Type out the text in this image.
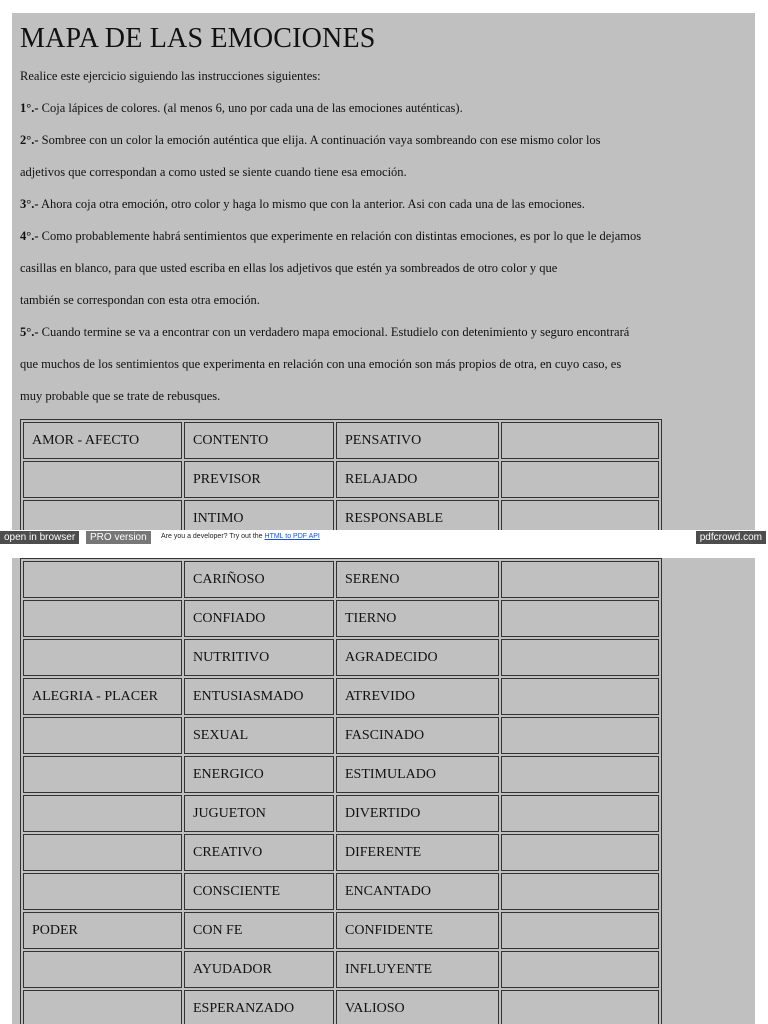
MAPA DE LAS EMOCIONES
Realice este ejercicio siguiendo las instrucciones siguientes:
1°.- Coja lápices de colores. (al menos 6, uno por cada una de las emociones auténticas).
2°.- Sombree con un color la emoción auténtica que elija. A continuación vaya sombreando con ese mismo color los
adjetivos que correspondan a como usted se siente cuando tiene esa emoción.
3°.- Ahora coja otra emoción, otro color y haga lo mismo que con la anterior. Asi con cada una de las emociones.
4°.- Como probablemente habrá sentimientos que experimente en relación con distintas emociones, es por lo que le dejamos
casillas en blanco, para que usted escriba en ellas los adjetivos que estén ya sombreados de otro color y que
también se correspondan con esta otra emoción.
5°.- Cuando termine se va a encontrar con un verdadero mapa emocional. Estudielo con detenimiento y seguro encontrará
que muchos de los sentimientos que experimenta en relación con una emoción son más propios de otra, en cuyo caso, es
muy probable que se trate de rebusques.
AMOR - AFECTO	CONTENTO	PENSATIVO	
	PREVISOR	RELAJADO	
	INTIMO	RESPONSABLE	
open in browser	PRO version	Are you a developer? Try out the HTML to PDF API	pdfcrowd.com
	CARIÑOSO	SERENO	
	CONFIADO	TIERNO	
	NUTRITIVO	AGRADECIDO	
ALEGRIA - PLACER	ENTUSIASMADO	ATREVIDO	
	SEXUAL	FASCINADO	
	ENERGICO	ESTIMULADO	
	JUGUETON	DIVERTIDO	
	CREATIVO	DIFERENTE	
	CONSCIENTE	ENCANTADO	
PODER	CON FE	CONFIDENTE	
	AYUDADOR	INFLUYENTE	
	ESPERANZADO	VALIOSO	
